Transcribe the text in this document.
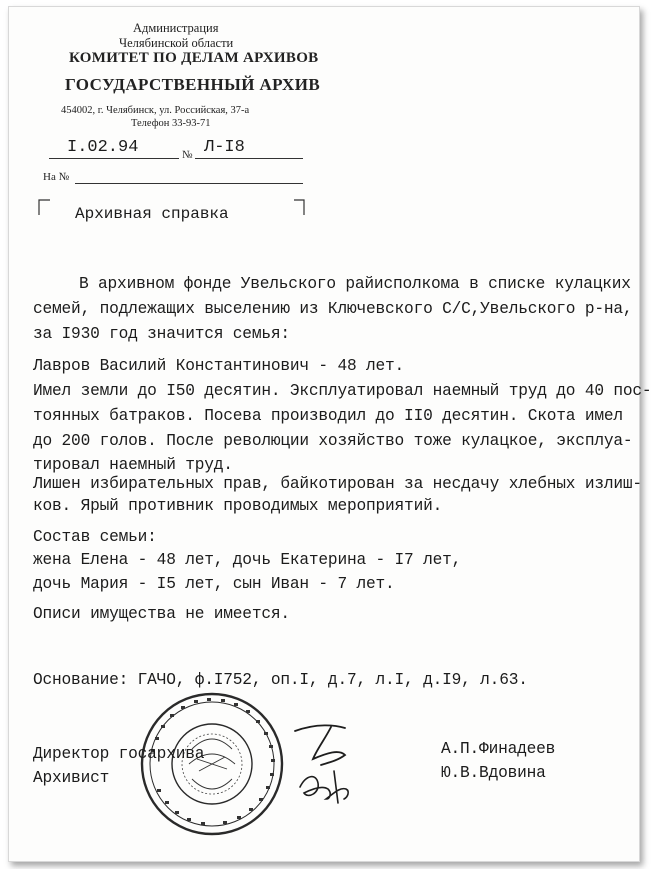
Администрация
Челябинской области
КОМИТЕТ ПО ДЕЛАМ АРХИВОВ
ГОСУДАРСТВЕННЫЙ АРХИВ
454002, г. Челябинск, ул. Российская, 37-а
Телефон 33-93-71
I.02.94	№ Л-I8
На №
Архивная справка
В архивном фонде Увельского райисполкома в списке кулацких
семей, подлежащих выселению из Ключевского С/С,Увельского р-на,
за I930 год значится семья:
Лавров Василий Константинович - 48 лет.
Имел земли до I50 десятин. Эксплуатировал наемный труд до 40 пос-
тоянных батраков. Посева производил до II0 десятин. Скота имел
до 200 голов. После революции хозяйство тоже кулацкое, эксплуа-
тировал наемный труд.
Лишен избирательных прав, байкотирован за несдачу хлебных излиш-
ков. Ярый противник проводимых мероприятий.
Состав семьи:
жена Елена - 48 лет, дочь Екатерина - I7 лет,
дочь Мария - I5 лет, сын Иван - 7 лет.
Описи имущества не имеется.
Основание: ГАЧО, ф.I752, оп.I, д.7, л.I, д.I9, л.63.
Директор госархива
Архивист
А.П.Финадеев
Ю.В.Вдовина
